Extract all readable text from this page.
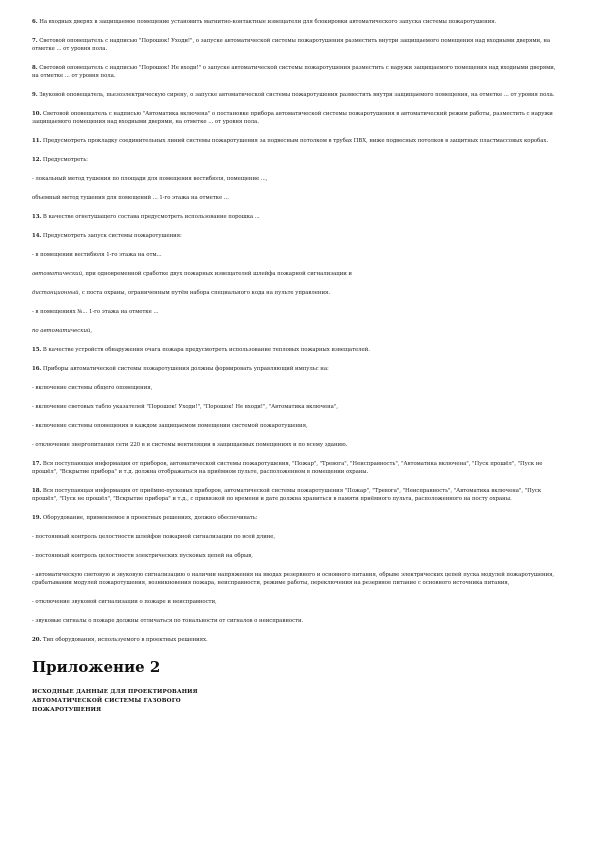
6. На входных дверях в защищаемое помещение установить магнитно-контактные извещатели для блокировки автоматического запуска системы пожаротушения.

7. Световой оповещатель с надписью "Порошок! Уходи!", о запуске автоматической системы пожаротушения разместить внутри защищаемого помещения над входными дверями, на отметке ... от уровня пола.

8. Световой оповещатель с надписью "Порошок! Не входи!" о запуске автоматической системы пожаротушения разместить с наружи защищаемого помещения над входными дверями, на отметке ... от уровня пола.

9. Звуковой оповещатель, пьезоэлектрическую сирену, о запуске автоматической системы пожаротушения разместить внутри защищаемого помещения, на отметке ... от уровня пола.

10. Световой оповещатель с надписью "Автоматика включена" о постановке прибора автоматической системы пожаротушения в автоматический режим работы, разместить с наружи защищаемого помещения над входными дверями, на отметке ... от уровня пола.

11. Предусмотреть прокладку соединительных линий системы пожаротушения за подвесным потолком в трубах ПВХ, ниже подвесных потолков в защитных пластмассовых коробах.

12. Предусмотреть:

- локальный метод тушения по площади для помещения вестибюля, помещение ...,

объемный метод тушения для помещений ... 1-го этажа на отметке ...

13. В качестве огнетушащего состава предусмотреть использование порошка ...

14. Предусмотреть запуск системы пожаротушения:

- в помещении вестибюля 1-го этажа на отм...

автоматический, при одновременной сработке двух пожарных извещателей шлейфа пожарной сигнализации и

дистанционный, с поста охраны, ограниченным путём набора специального кода на пульте управления.

- в помещениях №... 1-го этажа на отметке ...

по автоматический,

15. В качестве устройств обнаружения очага пожара предусмотреть использование тепловых пожарных извещателей.

16. Приборы автоматической системы пожаротушения должны формировать управляющий импульс на:

- включение системы общего оповещения,

- включение световых табло указателей "Порошок! Уходи!", "Порошок! Не входи!", "Автоматика включена",

- включение системы оповещения в каждом защищаемом помещении системой пожаротушения,

- отключение энергопитания сети 220 в и системы вентиляции в защищаемых помещениях и по всему зданию.

17. Вся поступающая информация от приборов, автоматической системы пожаротушения, "Пожар", "Тревога", "Неисправность", "Автоматика включена", "Пуск прошёл", "Пуск не прошёл", "Вскрытие прибора" и т.д. должна отображаться на приёмном пульте, расположенном в помещении охраны.

18. Вся поступающая информация от приёмно-пусковых приборов, автоматической системы пожаротушения "Пожар", "Тревога", "Неисправность", "Автоматика включена", "Пуск прошёл", "Пуск не прошёл", "Вскрытие прибора" и т.д., с привязкой по времени и дате должна храниться в памяти приёмного пульта, расположенного на посту охраны.

19. Оборудование, применяемое в проектных решениях, должно обеспечивать:

- постоянный контроль целостности шлейфов пожарной сигнализации по всей длине,

- постоянный контроль целостности электрических пусковых цепей на обрыв,

- автоматическую световую и звуковую сигнализацию о наличии напряжения на вводах резервного и основного питания, обрыве электрических цепей пуска модулей пожаротушения, срабатывании модулей пожаротушения, возникновения пожара, неисправности, режиме работы, переключения на резервное питание с основного источника питания,

- отключение звуковой сигнализации о пожаре и неисправности,

- звуковые сигналы о пожаре должны отличаться по тональности от сигналов о неисправности.

20. Тип оборудования, используемого в проектных решениях.

Приложение 2

ИСХОДНЫЕ ДАННЫЕ ДЛЯ ПРОЕКТИРОВАНИЯ

АВТОМАТИЧЕСКОЙ СИСТЕМЫ ГАЗОВОГО

ПОЖАРОТУШЕНИЯ
